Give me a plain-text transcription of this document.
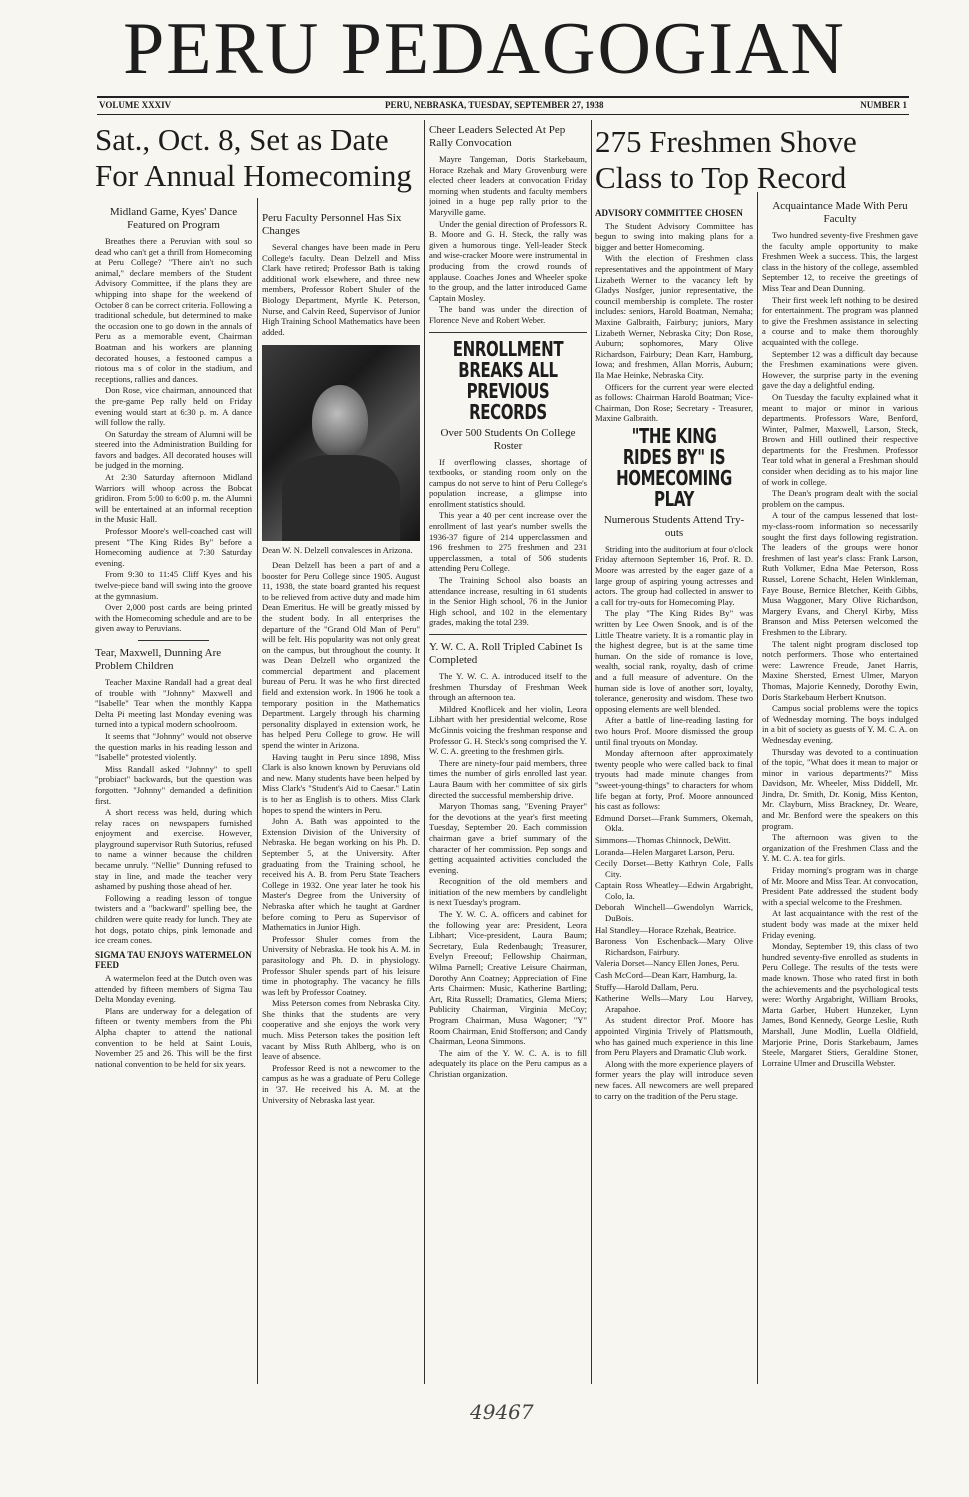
PERU PEDAGOGIAN
VOLUME XXXIV	PERU, NEBRASKA, TUESDAY, SEPTEMBER 27, 1938	NUMBER 1
Sat., Oct. 8, Set as Date For Annual Homecoming
Midland Game, Kyes' Dance Featured on Program

Breathes there a Peruvian with soul so dead who can't get a thrill from Homecoming at Peru College? "There ain't no such animal," declare members of the Student Advisory Committee, if the plans they are whipping into shape for the weekend of October 8 can be correct criteria. Following a traditional schedule, but determined to make the occasion one to go down in the annals of Peru as a memorable event, Chairman Boatman and his workers are planning decorated houses, a festooned campus a riotous ma s of color in the stadium, and receptions, rallies and dances.

Don Rose, vice chairman, announced that the pre-game Pep rally held on Friday evening would start at 6:30 p. m. A dance will follow the rally.

On Saturday the stream of Alumni will be steered into the Administration Building for favors and badges. All decorated houses will be judged in the morning.

At 2:30 Saturday afternoon Midland Warriors will whoop across the Bobcat gridiron. From 5:00 to 6:00 p. m. the Alumni will be entertained at an informal reception in the Music Hall.

Professor Moore's well-coached cast will present "The King Rides By" before a Homecoming audience at 7:30 Saturday evening.

From 9:30 to 11:45 Cliff Kyes and his twelve-piece band will swing into the groove at the gymnasium.

Over 2,000 post cards are being printed with the Homecoming schedule and are to be given away to Peruvians.

Tear, Maxwell, Dunning Are Problem Children

Teacher Maxine Randall had a great deal of trouble with "Johnny" Maxwell and "Isabelle" Tear when the monthly Kappa Delta Pi meeting last Monday evening was turned into a typical modern schoolroom.

It seems that "Johnny" would not observe the question marks in his reading lesson and "Isabelle" protested violently.

Miss Randall asked "Johnny" to spell "probiact" backwards, but the question was forgotten. "Johnny" demanded a definition first.

A short recess was held, during which relay races on newspapers furnished enjoyment and exercise. However, playground supervisor Ruth Sutorius, refused to name a winner because the children became unruly. "Nellie" Dunning refused to stay in line, and made the teacher very ashamed by pushing those ahead of her.

Following a reading lesson of tongue twisters and a "backward" spelling bee, the children were quite ready for lunch. They ate hot dogs, potato chips, pink lemonade and ice cream cones.

SIGMA TAU ENJOYS WATERMELON FEED

A watermelon feed at the Dutch oven was attended by fifteen members of Sigma Tau Delta Monday evening.

Plans are underway for a delegation of fifteen or twenty members from the Phi Alpha chapter to attend the national convention to be held at Saint Louis, November 25 and 26. This will be the first national convention to be held for six years.

Peru Faculty Personnel Has Six Changes

Several changes have been made in Peru College's faculty. Dean Delzell and Miss Clark have retired; Professor Bath is taking additional work elsewhere, and three new members, Professor Robert Shuler of the Biology Department, Myrtle K. Peterson, Nurse, and Calvin Reed, Supervisor of Junior High Training School Mathematics have been added.

Dean W. N. Delzell convalesces in Arizona.

Dean Delzell has been a part of and a booster for Peru College since 1905. August 11, 1938, the state board granted his request to be relieved from active duty and made him Dean Emeritus. He will be greatly missed by the student body. In all enterprises the departure of the "Grand Old Man of Peru" will be felt. His popularity was not only great on the campus, but throughout the county. It was Dean Delzell who organized the commercial department and placement bureau of Peru. It was he who first directed field and extension work. In 1906 he took a temporary position in the Mathematics Department. Largely through his charming personality displayed in extension work, he has helped Peru College to grow. He will spend the winter in Arizona.

Having taught in Peru since 1898, Miss Clark is also known known by Peruvians old and new. Many students have been helped by Miss Clark's "Student's Aid to Caesar." Latin is to her as English is to others. Miss Clark hopes to spend the winters in Peru.

John A. Bath was appointed to the Extension Division of the University of Nebraska. He began working on his Ph. D. September 5, at the University. After graduating from the Training school, he received his A. B. from Peru State Teachers College in 1932. One year later he took his Master's Degree from the University of Nebraska after which he taught at Gardner before coming to Peru as Supervisor of Mathematics in Junior High.

Professor Shuler comes from the University of Nebraska. He took his A. M. in parasitology and Ph. D. in physiology. Professor Shuler spends part of his leisure time in photography. The vacancy he fills was left by Professor Coatney.

Miss Peterson comes from Nebraska City. She thinks that the students are very cooperative and she enjoys the work very much. Miss Peterson takes the position left vacant by Miss Ruth Ahlberg, who is on leave of absence.

Professor Reed is not a newcomer to the campus as he was a graduate of Peru College in '37. He received his A. M. at the University of Nebraska last year.

Cheer Leaders Selected At Pep Rally Convocation

Mayre Tangeman, Doris Starkebaum, Horace Rzehak and Mary Grovenburg were elected cheer leaders at convocation Friday morning when students and faculty members joined in a huge pep rally prior to the Maryville game.

Under the genial direction of Professors R. B. Moore and G. H. Steck, the rally was given a humorous tinge. Yell-leader Steck and wise-cracker Moore were instrumental in producing from the crowd rounds of applause. Coaches Jones and Wheeler spoke to the group, and the latter introduced Game Captain Mosley.

The band was under the direction of Florence Neve and Robert Weber.

ENROLLMENT BREAKS ALL PREVIOUS RECORDS
Over 500 Students On College Roster

If overflowing classes, shortage of textbooks, or standing room only on the campus do not serve to hint of Peru College's population increase, a glimpse into enrollment statistics should.

This year a 40 per cent increase over the enrollment of last year's number swells the 1936-37 figure of 214 upperclassmen and 196 freshmen to 275 freshmen and 231 upperclassmen, a total of 506 students attending Peru College.

The Training School also boasts an attendance increase, resulting in 61 students in the Senior High school, 76 in the Junior High school, and 102 in the elementary grades, making the total 239.

Y. W. C. A. Roll Tripled Cabinet Is Completed

The Y. W. C. A. introduced itself to the freshmen Thursday of Freshman Week through an afternoon tea.

Mildred Knoflicek and her violin, Leora Libhart with her presidential welcome, Rose McGinnis voicing the freshman response and Professor G. H. Steck's song comprised the Y. W. C. A. greeting to the freshmen girls.

There are ninety-four paid members, three times the number of girls enrolled last year. Laura Baum with her committee of six girls directed the successful membership drive.

Maryon Thomas sang, "Evening Prayer" for the devotions at the year's first meeting Tuesday, September 20. Each commission chairman gave a brief summary of the character of her commission. Pep songs and getting acquainted activities concluded the evening.

Recognition of the old members and initiation of the new members by candlelight is next Tuesday's program.

The Y. W. C. A. officers and cabinet for the following year are: President, Leora Libhart; Vice-president, Laura Baum; Secretary, Eula Redenbaugh; Treasurer, Evelyn Freeouf; Fellowship Chairman, Wilma Parnell; Creative Leisure Chairman, Dorothy Ann Coatney; Appreciation of Fine Arts Chairmen: Music, Katherine Bartling; Art, Rita Russell; Dramatics, Glema Miers; Publicity Chairman, Virginia McCoy; Program Chairman, Musa Wagoner; "Y" Room Chairman, Enid Stofferson; and Candy Chairman, Leona Simmons.

The aim of the Y. W. C. A. is to fill adequately its place on the Peru campus as a Christian organization.

275 Freshmen Shove Class to Top Record
ADVISORY COMMITTEE CHOSEN

The Student Advisory Committee has begun to swing into making plans for a bigger and better Homecoming.

With the election of Freshmen class representatives and the appointment of Mary Lizabeth Werner to the vacancy left by Gladys Nosfger, junior representative, the council membership is complete. The roster includes: seniors, Harold Boatman, Nemaha; Maxine Galbraith, Fairbury; juniors, Mary Lizabeth Werner, Nebraska City; Don Rose, Auburn; sophomores, Mary Olive Richardson, Fairbury; Dean Karr, Hamburg, Iowa; and freshmen, Allan Morris, Auburn; Ila Mae Heinke, Nebraska City.

Officers for the current year were elected as follows: Chairman Harold Boatman; Vice-Chairman, Don Rose; Secretary - Treasurer, Maxine Galbraith.

"THE KING RIDES BY" IS HOMECOMING PLAY
Numerous Students Attend Try-outs

Striding into the auditorium at four o'clock Friday afternoon September 16, Prof. R. D. Moore was arrested by the eager gaze of a large group of aspiring young actresses and actors. The group had collected in answer to a call for try-outs for Homecoming Play.

The play "The King Rides By" was written by Lee Owen Snook, and is of the Little Theatre variety. It is a romantic play in the highest degree, but is at the same time human. On the side of romance is love, wealth, social rank, royalty, dash of crime and a full measure of adventure. On the human side is love of another sort, loyalty, tolerance, generosity and wisdom. These two opposing elements are well blended.

After a battle of line-reading lasting for two hours Prof. Moore dismissed the group until final tryouts on Monday.

Monday afternoon after approximately twenty people who were called back to final tryouts had made minute changes from "sweet-young-things" to characters for whom life began at forty, Prof. Moore announced his cast as follows:

Edmund Dorset—Frank Summers, Okemah, Okla.

Simmons—Thomas Chinnock, DeWitt.

Loranda—Helen Margaret Larson, Peru.

Cecily Dorset—Betty Kathryn Cole, Falls City.

Captain Ross Wheatley—Edwin Argabright, Colo, Ia.

Deborah Winchell—Gwendolyn Warrick, DuBois.

Hal Standley—Horace Rzehak, Beatrice.

Baroness Von Eschenback—Mary Olive Richardson, Fairbury.

Valeria Dorset—Nancy Ellen Jones, Peru.

Cash McCord—Dean Karr, Hamburg, Ia.

Stuffy—Harold Dallam, Peru.

Katherine Wells—Mary Lou Harvey, Arapahoe.

As student director Prof. Moore has appointed Virginia Trively of Plattsmouth, who has gained much experience in this line from Peru Players and Dramatic Club work.

Along with the more experience players of former years the play will introduce seven new faces. All newcomers are well prepared to carry on the tradition of the Peru stage.

Acquaintance Made With Peru Faculty

Two hundred seventy-five Freshmen gave the faculty ample opportunity to make Freshmen Week a success. This, the largest class in the history of the college, assembled September 12, to receive the greetings of Miss Tear and Dean Dunning.

Their first week left nothing to be desired for entertainment. The program was planned to give the Freshmen assistance in selecting a course and to make them thoroughly acquainted with the college.

September 12 was a difficult day because the Freshmen examinations were given. However, the surprise party in the evening gave the day a delightful ending.

On Tuesday the faculty explained what it meant to major or minor in various departments. Professors Ware, Benford, Winter, Palmer, Maxwell, Larson, Steck, Brown and Hill outlined their respective departments for the Freshmen. Professor Tear told what in general a Freshman should consider when deciding as to his major line of work in college.

The Dean's program dealt with the social problem on the campus.

A tour of the campus lessened that lost-my-class-room information so necessarily sought the first days following registration. The leaders of the groups were honor freshmen of last year's class: Frank Larson, Ruth Volkmer, Edna Mae Peterson, Ross Russel, Lorene Schacht, Helen Winkleman, Faye Bouse, Bernice Bletcher, Keith Gibbs, Musa Waggoner, Mary Olive Richardson, Margery Evans, and Cheryl Kirby, Miss Branson and Miss Petersen welcomed the Freshmen to the Library.

The talent night program disclosed top notch performers. Those who entertained were: Lawrence Freude, Janet Harris, Maxine Shersted, Ernest Ulmer, Maryon Thomas, Majorie Kennedy, Dorothy Ewin, Doris Starkebaum Herbert Knutson.

Campus social problems were the topics of Wednesday morning. The boys indulged in a bit of society as guests of Y. M. C. A. on Wednesday evening.

Thursday was devoted to a continuation of the topic, "What does it mean to major or minor in various departments?" Miss Davidson, Mr. Wheeler, Miss Diddell, Mr. Jindra, Dr. Smith, Dr. Konig, Miss Kenton, Mr. Clayburn, Miss Brackney, Dr. Weare, and Mr. Benford were the speakers on this program.

The afternoon was given to the organization of the Freshmen Class and the Y. M. C. A. tea for girls.

Friday morning's program was in charge of Mr. Moore and Miss Tear. At convocation, President Pate addressed the student body with a special welcome to the Freshmen.

At last acquaintance with the rest of the student body was made at the mixer held Friday evening.

Monday, September 19, this class of two hundred seventy-five enrolled as students in Peru College. The results of the tests were made known. Those who rated first in both the achievements and the psychological tests were: Worthy Argabright, William Brooks, Marta Garber, Hubert Hunzeker, Lynn James, Bond Kennedy, George Leslie, Ruth Marshall, June Modlin, Luella Oldfield, Marjorie Prine, Doris Starkebaum, James Steele, Margaret Stiers, Geraldine Stoner, Lorraine Ulmer and Druscilla Webster.

49467
